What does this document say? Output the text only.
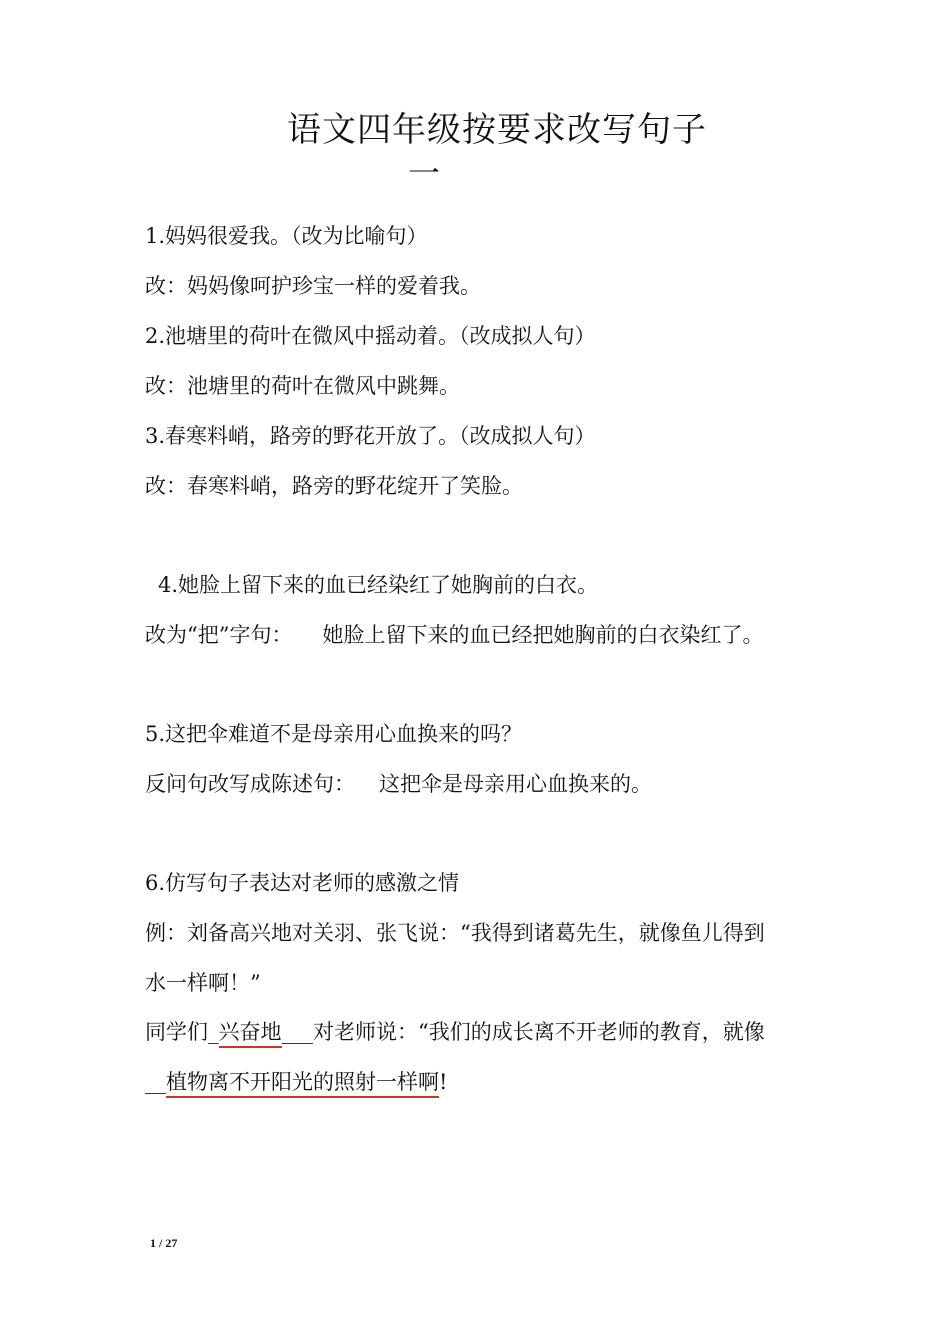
语文四年级按要求改写句子
一
1.妈妈很爱我。（改为比喻句）
改：妈妈像呵护珍宝一样的爱着我。
2.池塘里的荷叶在微风中摇动着。（改成拟人句）
改：池塘里的荷叶在微风中跳舞。
3.春寒料峭，路旁的野花开放了。（改成拟人句）
改：春寒料峭，路旁的野花绽开了笑脸。
4.她脸上留下来的血已经染红了她胸前的白衣。
改为“把”字句： 她脸上留下来的血已经把她胸前的白衣染红了。
5.这把伞难道不是母亲用心血换来的吗？
反问句改写成陈述句： 这把伞是母亲用心血换来的。
6.仿写句子表达对老师的感激之情
例：刘备高兴地对关羽、张飞说：“我得到诸葛先生，就像鱼儿得到
水一样啊！”
同学们_兴奋地___对老师说：“我们的成长离不开老师的教育，就像
__植物离不开阳光的照射一样啊!
1 / 27
